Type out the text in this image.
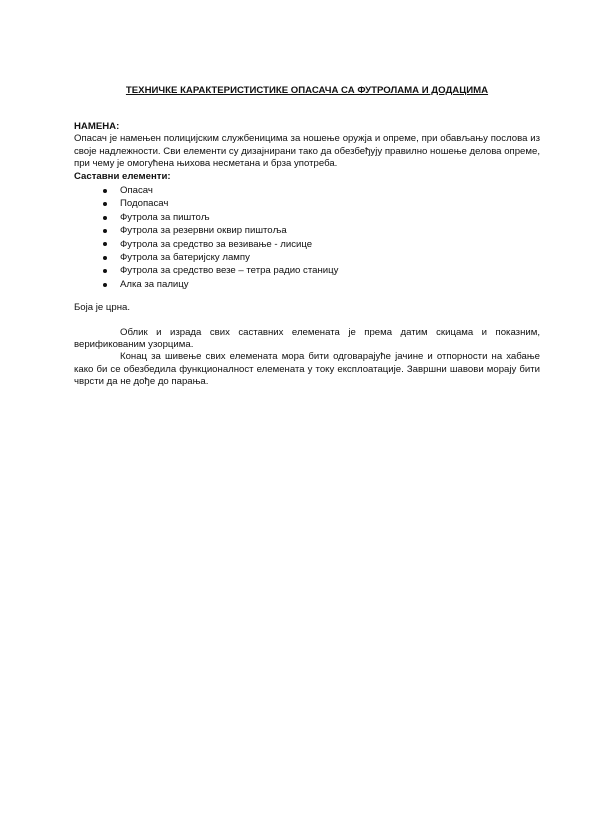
ТЕХНИЧКЕ КАРАКТЕРИСТИСТИКЕ ОПАСАЧА СА ФУТРОЛАМА И ДОДАЦИМА

НАМЕНА:

Опасач је намењен полицијским службеницима за ношење оружја и опреме, при обављању послова из своје надлежности. Сви елементи су дизајнирани тако да обезбеђују правилно ношење делова опреме, при чему је омогућена њихова несметана и брза употреба.

Саставни елементи:

Опасач
Подопасач
Футрола за пиштољ
Футрола за резервни оквир пиштоља
Футрола за средство за везивање - лисице
Футрола за батеријску лампу
Футрола за средство везе – тетра радио станицу
Алка за палицу

Боја је црна.

Облик и израда свих саставних елемената је према датим скицама и показним, верификованим узорцима.

Конац за шивење свих елемената мора бити одговарајуће јачине и отпорности на хабање како би се обезбедила функционалност елемената у току експлоатације. Завршни шавови морају бити чврсти да не дође до парања.
